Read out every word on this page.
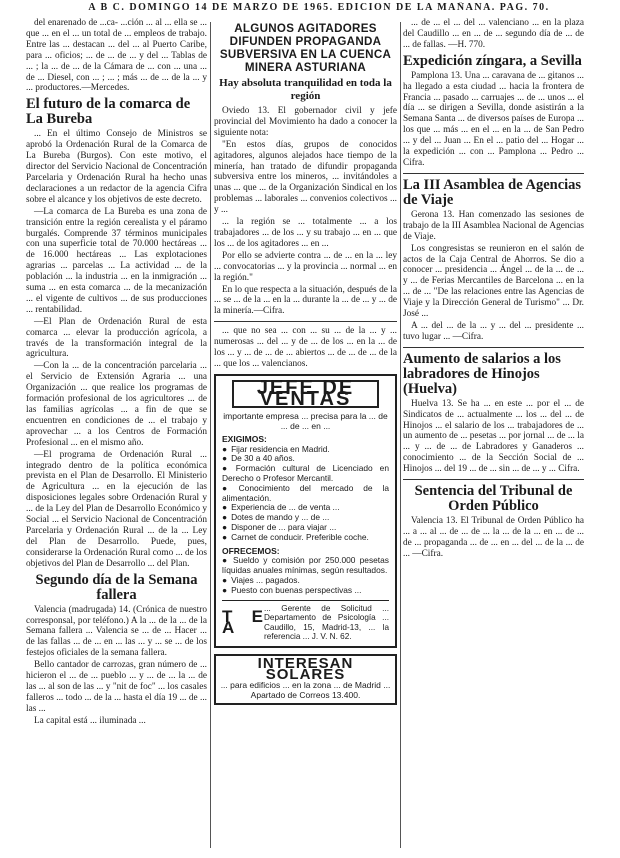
A B C. DOMINGO 14 DE MARZO DE 1965. EDICION DE LA MAÑANA. PAG. 70.

del enarenado de ...ca- ...ción ... al ... ella se ... que ... en el ... un total de ... empleos de trabajo. Entre las ... destacan ... del ... al Puerto Caribe, para ... oficios; ... de ... de ... y del ... Tablas de ... ; la ... de ... de la Cámara de ... con ... una ... de ... Diesel, con ... ; ... ; más ... de ... de la ... y ... productores.—Mercedes.

El futuro de la comarca de La Bureba

... En el último Consejo de Ministros se aprobó la Ordenación Rural de la Comarca de La Bureba (Burgos). Con este motivo, el director del Servicio Nacional de Concentración Parcelaria y Ordenación Rural ha hecho unas declaraciones a un redactor de la agencia Cifra sobre el alcance y los objetivos de este decreto.

—La comarca de La Bureba es una zona de transición entre la región cerealista y el páramo burgalés. Comprende 37 términos municipales con una superficie total de 70.000 hectáreas ... de 16.000 hectáreas ... Las explotaciones agrarias ... parcelas ... La actividad ... de la población ... la industria ... en la inmigración ... suma ... en esta comarca ... de la mecanización ... el vigente de cultivos ... de sus producciones ... rentabilidad.

—El Plan de Ordenación Rural de esta comarca ... elevar la producción agrícola, a través de la transformación integral de la agricultura.

—Con la ... de la concentración parcelaria ... el Servicio de Extensión Agraria ... una Organización ... que realice los programas de formación profesional de los agricultores ... de las familias agrícolas ... a fin de que se encuentren en condiciones de ... el trabajo y aprovechar ... a los Centros de Formación Profesional ... en el mismo año.

—El programa de Ordenación Rural ... integrado dentro de la política económica prevista en el Plan de Desarrollo. El Ministerio de Agricultura ... en la ejecución de las disposiciones legales sobre Ordenación Rural y ... de la Ley del Plan de Desarrollo Económico y Social ... el Servicio Nacional de Concentración Parcelaria y Ordenación Rural ... de la ... Ley del Plan de Desarrollo. Puede, pues, considerarse la Ordenación Rural como ... de los objetivos del Plan de Desarrollo ... del Plan.

Segundo día de la Semana fallera

Valencia (madrugada) 14. (Crónica de nuestro corresponsal, por teléfono.) A la ... de la ... de la Semana fallera ... Valencia se ... de ... Hacer ... de las fallas ... de ... en ... las ... y ... se ... de los festejos oficiales de la semana fallera.

Bello cantador de carrozas, gran número de ... hicieron el ... de ... pueblo ... y ... de ... la ... de las ... al son de las ... y "nit de foc" ... los casales falleros ... todo ... de la ... hasta el día 19 ... de ... las ...

La capital está ... iluminada ...

ALGUNOS AGITADORES DIFUNDEN PROPAGANDA SUBVERSIVA EN LA CUENCA MINERA ASTURIANA
Hay absoluta tranquilidad en toda la región

Oviedo 13. El gobernador civil y jefe provincial del Movimiento ha dado a conocer la siguiente nota:

"En estos días, grupos de conocidos agitadores, algunos alejados hace tiempo de la minería, han tratado de difundir propaganda subversiva entre los mineros, ... invitándoles a unas ... que ... de la Organización Sindical en los problemas ... laborales ... convenios colectivos ... y ...

... la región se ... totalmente ... a los trabajadores ... de los ... y su trabajo ... en ... que los ... de los agitadores ... en ...

Por ello se advierte contra ... de ... en la ... ley ... convocatorias ... y la provincia ... normal ... en la región."

En lo que respecta a la situación, después de la ... se ... de la ... en la ... durante la ... de ... y ... de la minería.—Cifra.

... que no sea ... con ... su ... de la ... y ... numerosas ... del ... y de ... de los ... en la ... de los ... y ... de ... de ... abiertos ... de ... de ... de la ... que los ... valencianos.

JEFE DE VENTAS
importante empresa ... precisa para la ... de ... de ... en ...
EXIGIMOS:
● Fijar residencia en Madrid.
● De 30 a 40 años.
● Formación cultural de Licenciado en Derecho o Profesor Mercantil.
● Conocimiento del mercado de la alimentación.
● Experiencia de ... de venta ...
● Dotes de mando y ... de ...
● Disponer de ... para viajar ...
● Carnet de conducir. Preferible coche.
OFRECEMOS:
● Sueldo y comisión por 250.000 pesetas líquidas anuales mínimas, según resultados.
● Viajes ... pagados.
● Puesto con buenas perspectivas ...
T E A
... Gerente de Solicitud ... Departamento de Psicología ... Caudillo, 15, Madrid-13, ... la referencia ... J. V. N. 62.
INTERESAN SOLARES
... para edificios ... en la zona ... de Madrid ... Apartado de Correos 13.400.

... de ... el ... del ... valenciano ... en la plaza del Caudillo ... en ... de ... segundo día de ... de ... de fallas. —H. 770.

Expedición zíngara, a Sevilla

Pamplona 13. Una ... caravana de ... gitanos ... ha llegado a esta ciudad ... hacia la frontera de Francia ... pasado ... carruajes ... de ... unos ... el día ... se dirigen a Sevilla, donde asistirán a la Semana Santa ... de diversos países de Europa ... los que ... más ... en el ... en la ... de San Pedro ... y del ... Juan ... En el ... patio del ... Hogar ... la expedición ... con ... Pamplona ... Pedro ... Cifra.

La III Asamblea de Agencias de Viaje

Gerona 13. Han comenzado las sesiones de trabajo de la III Asamblea Nacional de Agencias de Viaje.

Los congresistas se reunieron en el salón de actos de la Caja Central de Ahorros. Se dio a conocer ... presidencia ... Ángel ... de la ... de ... y ... de Ferias Mercantiles de Barcelona ... en la ... de ... "De las relaciones entre las Agencias de Viaje y la Dirección General de Turismo" ... Dr. José ...

A ... del ... de la ... y ... del ... presidente ... tuvo lugar ... —Cifra.

Aumento de salarios a los labradores de Hinojos (Huelva)

Huelva 13. Se ha ... en este ... por el ... de Sindicatos de ... actualmente ... los ... del ... de Hinojos ... el salario de los ... trabajadores de ... un aumento de ... pesetas ... por jornal ... de ... la ... y ... de ... de Labradores y Ganaderos ... conocimiento ... de la Sección Social de ... Hinojos ... del 19 ... de ... sin ... de ... y ... Cifra.

Sentencia del Tribunal de Orden Público

Valencia 13. El Tribunal de Orden Público ha ... a ... al ... de ... de ... la ... de la ... en ... de ... de ... propaganda ... de ... en ... del ... de la ... de ... —Cifra.
